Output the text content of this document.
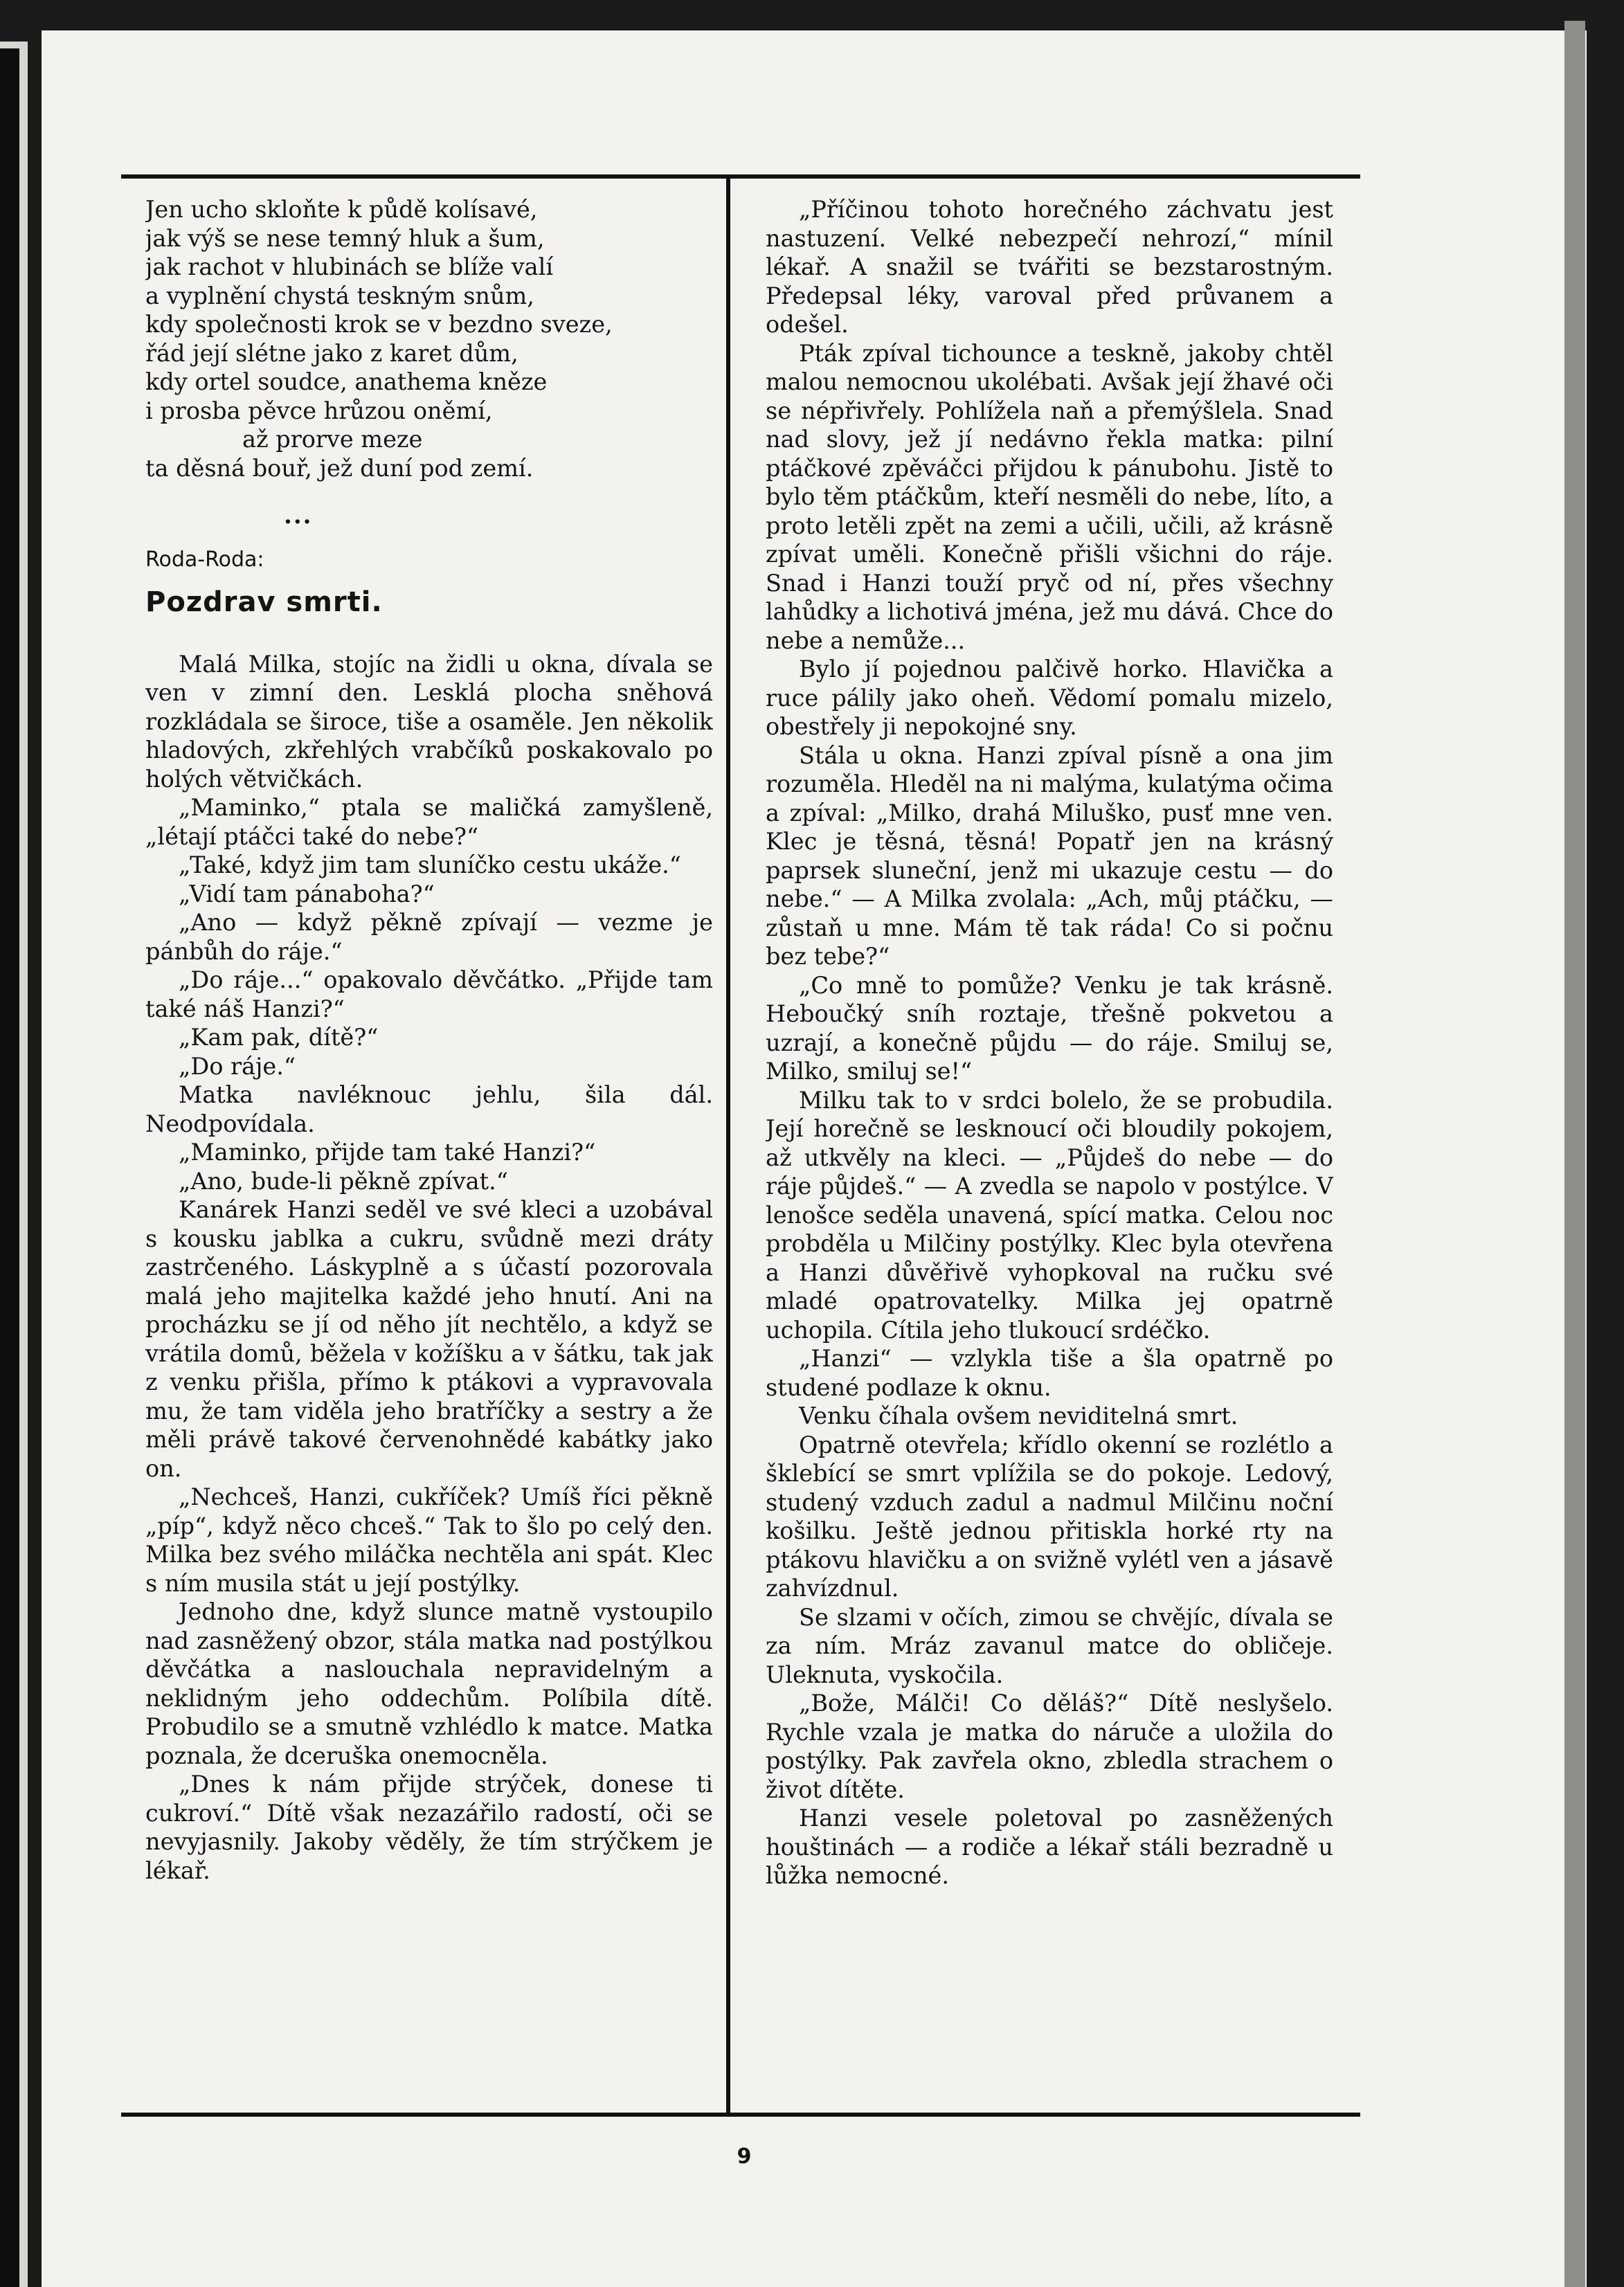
Jen ucho skloňte k půdě kolísavé,

jak výš se nese temný hluk a šum,

jak rachot v hlubinách se blíže valí

a vyplnění chystá teskným snům,

kdy společnosti krok se v bezdno sveze,

řád její slétne jako z karet dům,

kdy ortel soudce, anathema kněze

i prosba pěvce hrůzou oněmí,

až prorve meze

ta děsná bouř, jež duní pod zemí.

...
Roda-Roda:
Pozdrav smrti.

Malá Milka, stojíc na židli u okna, dívala se ven v zimní den. Lesklá plocha sněhová rozkládala se široce, tiše a osaměle. Jen několik hladových, zkřehlých vrabčíků poskakovalo po holých větvičkách.

„Maminko,“ ptala se maličká zamyšleně, „létají ptáčci také do nebe?“

„Také, když jim tam sluníčko cestu ukáže.“

„Vidí tam pánaboha?“

„Ano — když pěkně zpívají — vezme je pánbůh do ráje.“

„Do ráje...“ opakovalo děvčátko. „Přijde tam také náš Hanzi?“

„Kam pak, dítě?“

„Do ráje.“

Matka navléknouc jehlu, šila dál. Neodpovídala.

„Maminko, přijde tam také Hanzi?“

„Ano, bude-li pěkně zpívat.“

Kanárek Hanzi seděl ve své kleci a uzobával s kousku jablka a cukru, svůdně mezi dráty zastrčeného. Láskyplně a s účastí pozorovala malá jeho majitelka každé jeho hnutí. Ani na procházku se jí od něho jít nechtělo, a když se vrátila domů, běžela v kožíšku a v šátku, tak jak z venku přišla, přímo k ptákovi a vypravovala mu, že tam viděla jeho bratříčky a sestry a že měli právě takové červenohnědé kabátky jako on.

„Nechceš, Hanzi, cukříček? Umíš říci pěkně „píp“, když něco chceš.“ Tak to šlo po celý den. Milka bez svého miláčka nechtěla ani spát. Klec s ním musila stát u její postýlky.

Jednoho dne, když slunce matně vystoupilo nad zasněžený obzor, stála matka nad postýlkou děvčátka a naslouchala nepravidelným a neklidným jeho oddechům. Políbila dítě. Probudilo se a smutně vzhlédlo k matce. Matka poznala, že dceruška onemocněla.

„Dnes k nám přijde strýček, donese ti cukroví.“ Dítě však nezazářilo radostí, oči se nevyjasnily. Jakoby věděly, že tím strýčkem je lékař.

„Příčinou tohoto horečného záchvatu jest nastuzení. Velké nebezpečí nehrozí,“ mínil lékař. A snažil se tvářiti se bezstarostným. Předepsal léky, varoval před průvanem a odešel.

Pták zpíval tichounce a teskně, jakoby chtěl malou nemocnou ukolébati. Avšak její žhavé oči se népřivřely. Pohlížela naň a přemýšlela. Snad nad slovy, jež jí nedávno řekla matka: pilní ptáčkové zpěváčci přijdou k pánubohu. Jistě to bylo těm ptáčkům, kteří nesměli do nebe, líto, a proto letěli zpět na zemi a učili, učili, až krásně zpívat uměli. Konečně přišli všichni do ráje. Snad i Hanzi touží pryč od ní, přes všechny lahůdky a lichotivá jména, jež mu dává. Chce do nebe a nemůže...

Bylo jí pojednou palčivě horko. Hlavička a ruce pálily jako oheň. Vědomí pomalu mizelo, obestřely ji nepokojné sny.

Stála u okna. Hanzi zpíval písně a ona jim rozuměla. Hleděl na ni malýma, kulatýma očima a zpíval: „Milko, drahá Miluško, pusť mne ven. Klec je těsná, těsná! Popatř jen na krásný paprsek sluneční, jenž mi ukazuje cestu — do nebe.“ — A Milka zvolala: „Ach, můj ptáčku, — zůstaň u mne. Mám tě tak ráda! Co si počnu bez tebe?“

„Co mně to pomůže? Venku je tak krásně. Heboučký sníh roztaje, třešně pokvetou a uzrají, a konečně půjdu — do ráje. Smiluj se, Milko, smiluj se!“

Milku tak to v srdci bolelo, že se probudila. Její horečně se lesknoucí oči bloudily pokojem, až utkvěly na kleci. — „Půjdeš do nebe — do ráje půjdeš.“ — A zvedla se napolo v postýlce. V lenošce seděla unavená, spící matka. Celou noc probděla u Milčiny postýlky. Klec byla otevřena a Hanzi důvěřivě vyhopkoval na ručku své mladé opatrovatelky. Milka jej opatrně uchopila. Cítila jeho tlukoucí srdéčko.

„Hanzi“ — vzlykla tiše a šla opatrně po studené podlaze k oknu.

Venku číhala ovšem neviditelná smrt.

Opatrně otevřela; křídlo okenní se rozlétlo a šklebící se smrt vplížila se do pokoje. Ledový, studený vzduch zadul a nadmul Milčinu noční košilku. Ještě jednou přitiskla horké rty na ptákovu hlavičku a on svižně vylétl ven a jásavě zahvízdnul.

Se slzami v očích, zimou se chvějíc, dívala se za ním. Mráz zavanul matce do obličeje. Uleknuta, vyskočila.

„Bože, Málči! Co děláš?“ Dítě neslyšelo. Rychle vzala je matka do náruče a uložila do postýlky. Pak zavřela okno, zbledla strachem o život dítěte.

Hanzi vesele poletoval po zasněžených houštinách — a rodiče a lékař stáli bezradně u lůžka nemocné.

9
